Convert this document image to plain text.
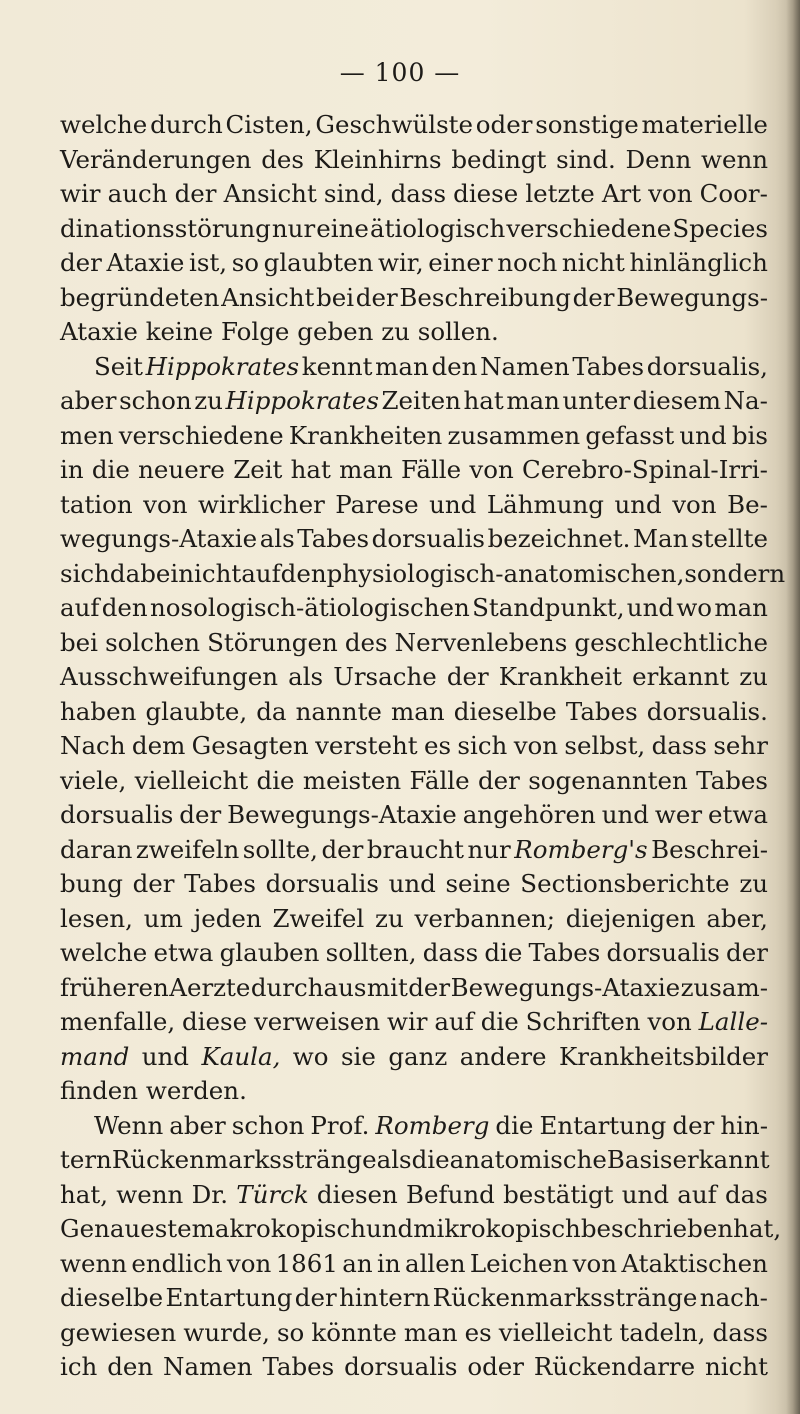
— 100 —
welche durch Cisten, Geschwülste oder sonstige materielle
Veränderungen des Kleinhirns bedingt sind. Denn wenn
wir auch der Ansicht sind, dass diese letzte Art von Coor-
dinationsstörung nur eine ätiologisch verschiedene Species
der Ataxie ist, so glaubten wir, einer noch nicht hinlänglich
begründeten Ansicht bei der Beschreibung der Bewegungs-
Ataxie keine Folge geben zu sollen.
Seit Hippokrates kennt man den Namen Tabes dorsualis,
aber schon zu Hippokrates Zeiten hat man unter diesem Na-
men verschiedene Krankheiten zusammen gefasst und bis
in die neuere Zeit hat man Fälle von Cerebro-Spinal-Irri-
tation von wirklicher Parese und Lähmung und von Be-
wegungs-Ataxie als Tabes dorsualis bezeichnet. Man stellte
sich dabei nicht auf den physiologisch-anatomischen, sondern
auf den nosologisch-ätiologischen Standpunkt, und wo man
bei solchen Störungen des Nervenlebens geschlechtliche
Ausschweifungen als Ursache der Krankheit erkannt zu
haben glaubte, da nannte man dieselbe Tabes dorsualis.
Nach dem Gesagten versteht es sich von selbst, dass sehr
viele, vielleicht die meisten Fälle der sogenannten Tabes
dorsualis der Bewegungs-Ataxie angehören und wer etwa
daran zweifeln sollte, der braucht nur Romberg's Beschrei-
bung der Tabes dorsualis und seine Sectionsberichte zu
lesen, um jeden Zweifel zu verbannen; diejenigen aber,
welche etwa glauben sollten, dass die Tabes dorsualis der
früheren Aerzte durchaus mit der Bewegungs-Ataxie zusam-
menfalle, diese verweisen wir auf die Schriften von Lalle-
mand und Kaula, wo sie ganz andere Krankheitsbilder
finden werden.
Wenn aber schon Prof. Romberg die Entartung der hin-
tern Rückenmarksstränge als die anatomische Basis erkannt
hat, wenn Dr. Türck diesen Befund bestätigt und auf das
Genaueste makrokopisch und mikrokopisch beschrieben hat,
wenn endlich von 1861 an in allen Leichen von Ataktischen
dieselbe Entartung der hintern Rückenmarksstränge nach-
gewiesen wurde, so könnte man es vielleicht tadeln, dass
ich den Namen Tabes dorsualis oder Rückendarre nicht
